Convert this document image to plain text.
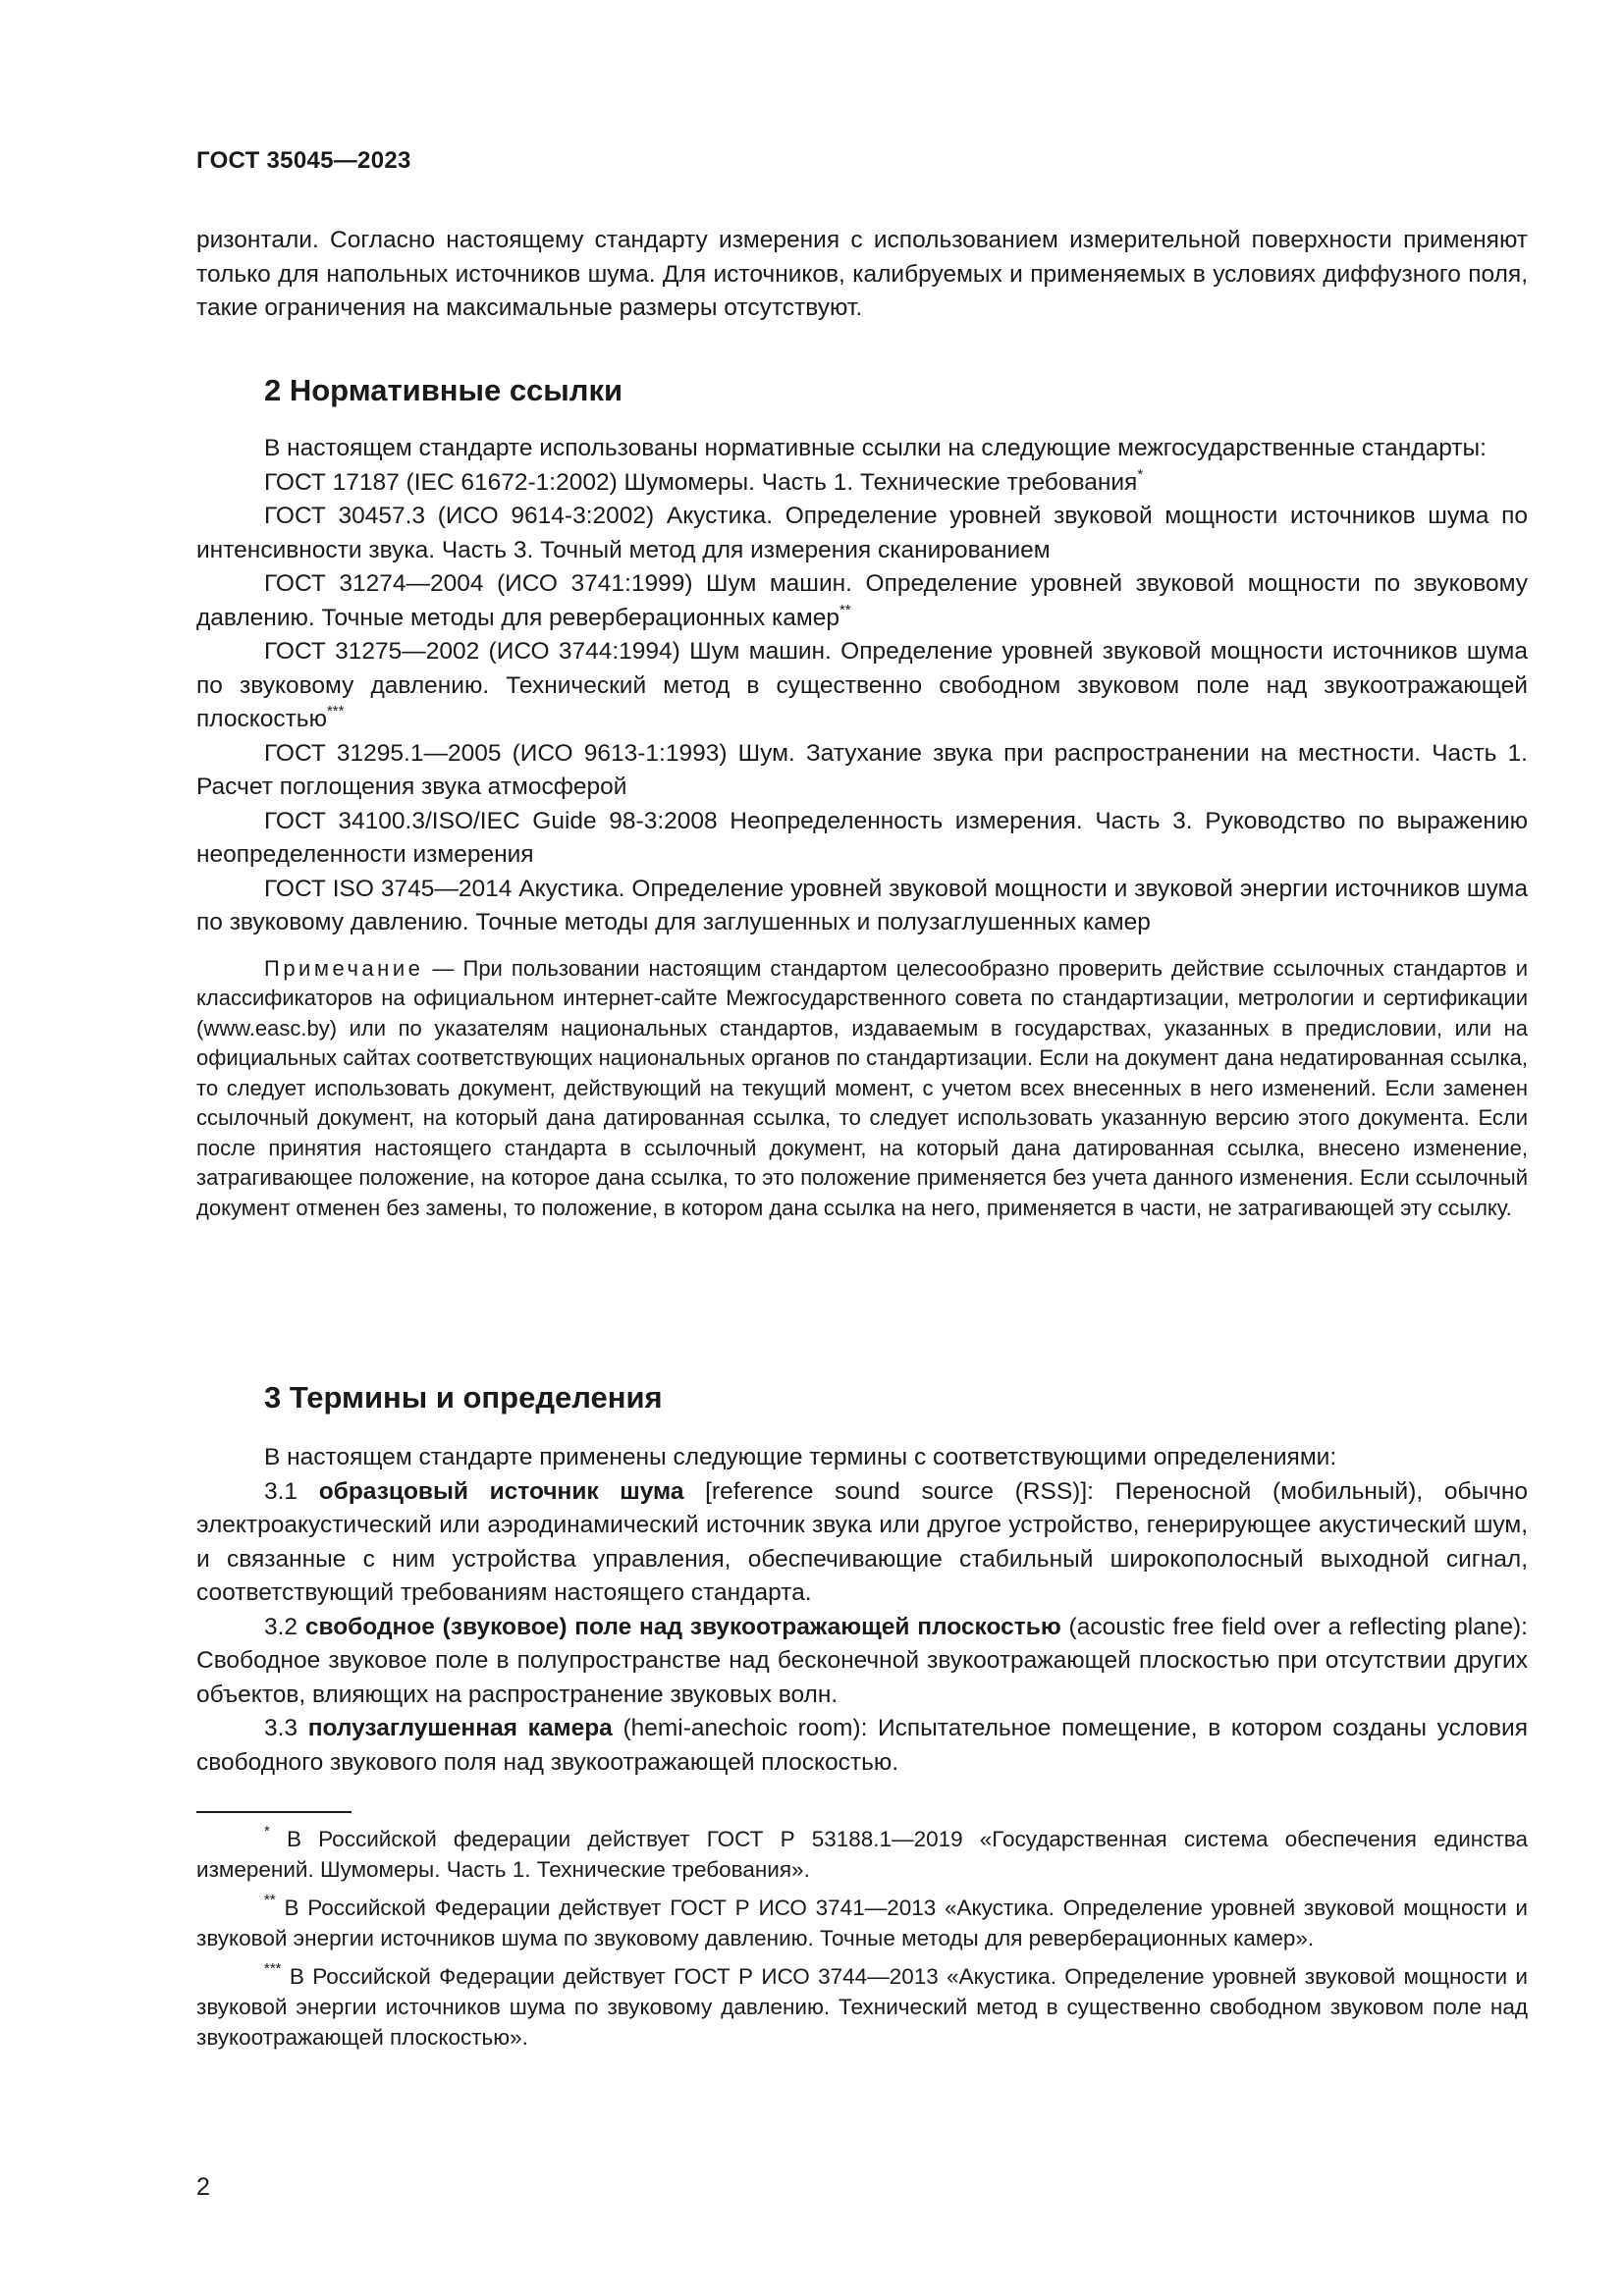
ГОСТ 35045—2023

ризонтали. Согласно настоящему стандарту измерения с использованием измерительной поверхности применяют только для напольных источников шума. Для источников, калибруемых и применяемых в условиях диффузного поля, такие ограничения на максимальные размеры отсутствуют.

2 Нормативные ссылки

В настоящем стандарте использованы нормативные ссылки на следующие межгосударственные стандарты:

ГОСТ 17187 (IEC 61672-1:2002) Шумомеры. Часть 1. Технические требования*

ГОСТ 30457.3 (ИСО 9614-3:2002) Акустика. Определение уровней звуковой мощности источников шума по интенсивности звука. Часть 3. Точный метод для измерения сканированием

ГОСТ 31274—2004 (ИСО 3741:1999) Шум машин. Определение уровней звуковой мощности по звуковому давлению. Точные методы для реверберационных камер**

ГОСТ 31275—2002 (ИСО 3744:1994) Шум машин. Определение уровней звуковой мощности источников шума по звуковому давлению. Технический метод в существенно свободном звуковом поле над звукоотражающей плоскостью***

ГОСТ 31295.1—2005 (ИСО 9613-1:1993) Шум. Затухание звука при распространении на местности. Часть 1. Расчет поглощения звука атмосферой

ГОСТ 34100.3/ISO/IEC Guide 98-3:2008 Неопределенность измерения. Часть 3. Руководство по выражению неопределенности измерения

ГОСТ ISO 3745—2014 Акустика. Определение уровней звуковой мощности и звуковой энергии источников шума по звуковому давлению. Точные методы для заглушенных и полузаглушенных камер

Примечание — При пользовании настоящим стандартом целесообразно проверить действие ссылочных стандартов и классификаторов на официальном интернет-сайте Межгосударственного совета по стандартизации, метрологии и сертификации (www.easc.by) или по указателям национальных стандартов, издаваемым в государствах, указанных в предисловии, или на официальных сайтах соответствующих национальных органов по стандартизации. Если на документ дана недатированная ссылка, то следует использовать документ, действующий на текущий момент, с учетом всех внесенных в него изменений. Если заменен ссылочный документ, на который дана датированная ссылка, то следует использовать указанную версию этого документа. Если после принятия настоящего стандарта в ссылочный документ, на который дана датированная ссылка, внесено изменение, затрагивающее положение, на которое дана ссылка, то это положение применяется без учета данного изменения. Если ссылочный документ отменен без замены, то положение, в котором дана ссылка на него, применяется в части, не затрагивающей эту ссылку.

3 Термины и определения

В настоящем стандарте применены следующие термины с соответствующими определениями:

3.1 образцовый источник шума [reference sound source (RSS)]: Переносной (мобильный), обычно электроакустический или аэродинамический источник звука или другое устройство, генерирующее акустический шум, и связанные с ним устройства управления, обеспечивающие стабильный широкополосный выходной сигнал, соответствующий требованиям настоящего стандарта.

3.2 свободное (звуковое) поле над звукоотражающей плоскостью (acoustic free field over a reflecting plane): Свободное звуковое поле в полупространстве над бесконечной звукоотражающей плоскостью при отсутствии других объектов, влияющих на распространение звуковых волн.

3.3 полузаглушенная камера (hemi-anechoic room): Испытательное помещение, в котором созданы условия свободного звукового поля над звукоотражающей плоскостью.

* В Российской федерации действует ГОСТ Р 53188.1—2019 «Государственная система обеспечения единства измерений. Шумомеры. Часть 1. Технические требования».

** В Российской Федерации действует ГОСТ Р ИСО 3741—2013 «Акустика. Определение уровней звуковой мощности и звуковой энергии источников шума по звуковому давлению. Точные методы для реверберационных камер».

*** В Российской Федерации действует ГОСТ Р ИСО 3744—2013 «Акустика. Определение уровней звуковой мощности и звуковой энергии источников шума по звуковому давлению. Технический метод в существенно свободном звуковом поле над звукоотражающей плоскостью».

2
